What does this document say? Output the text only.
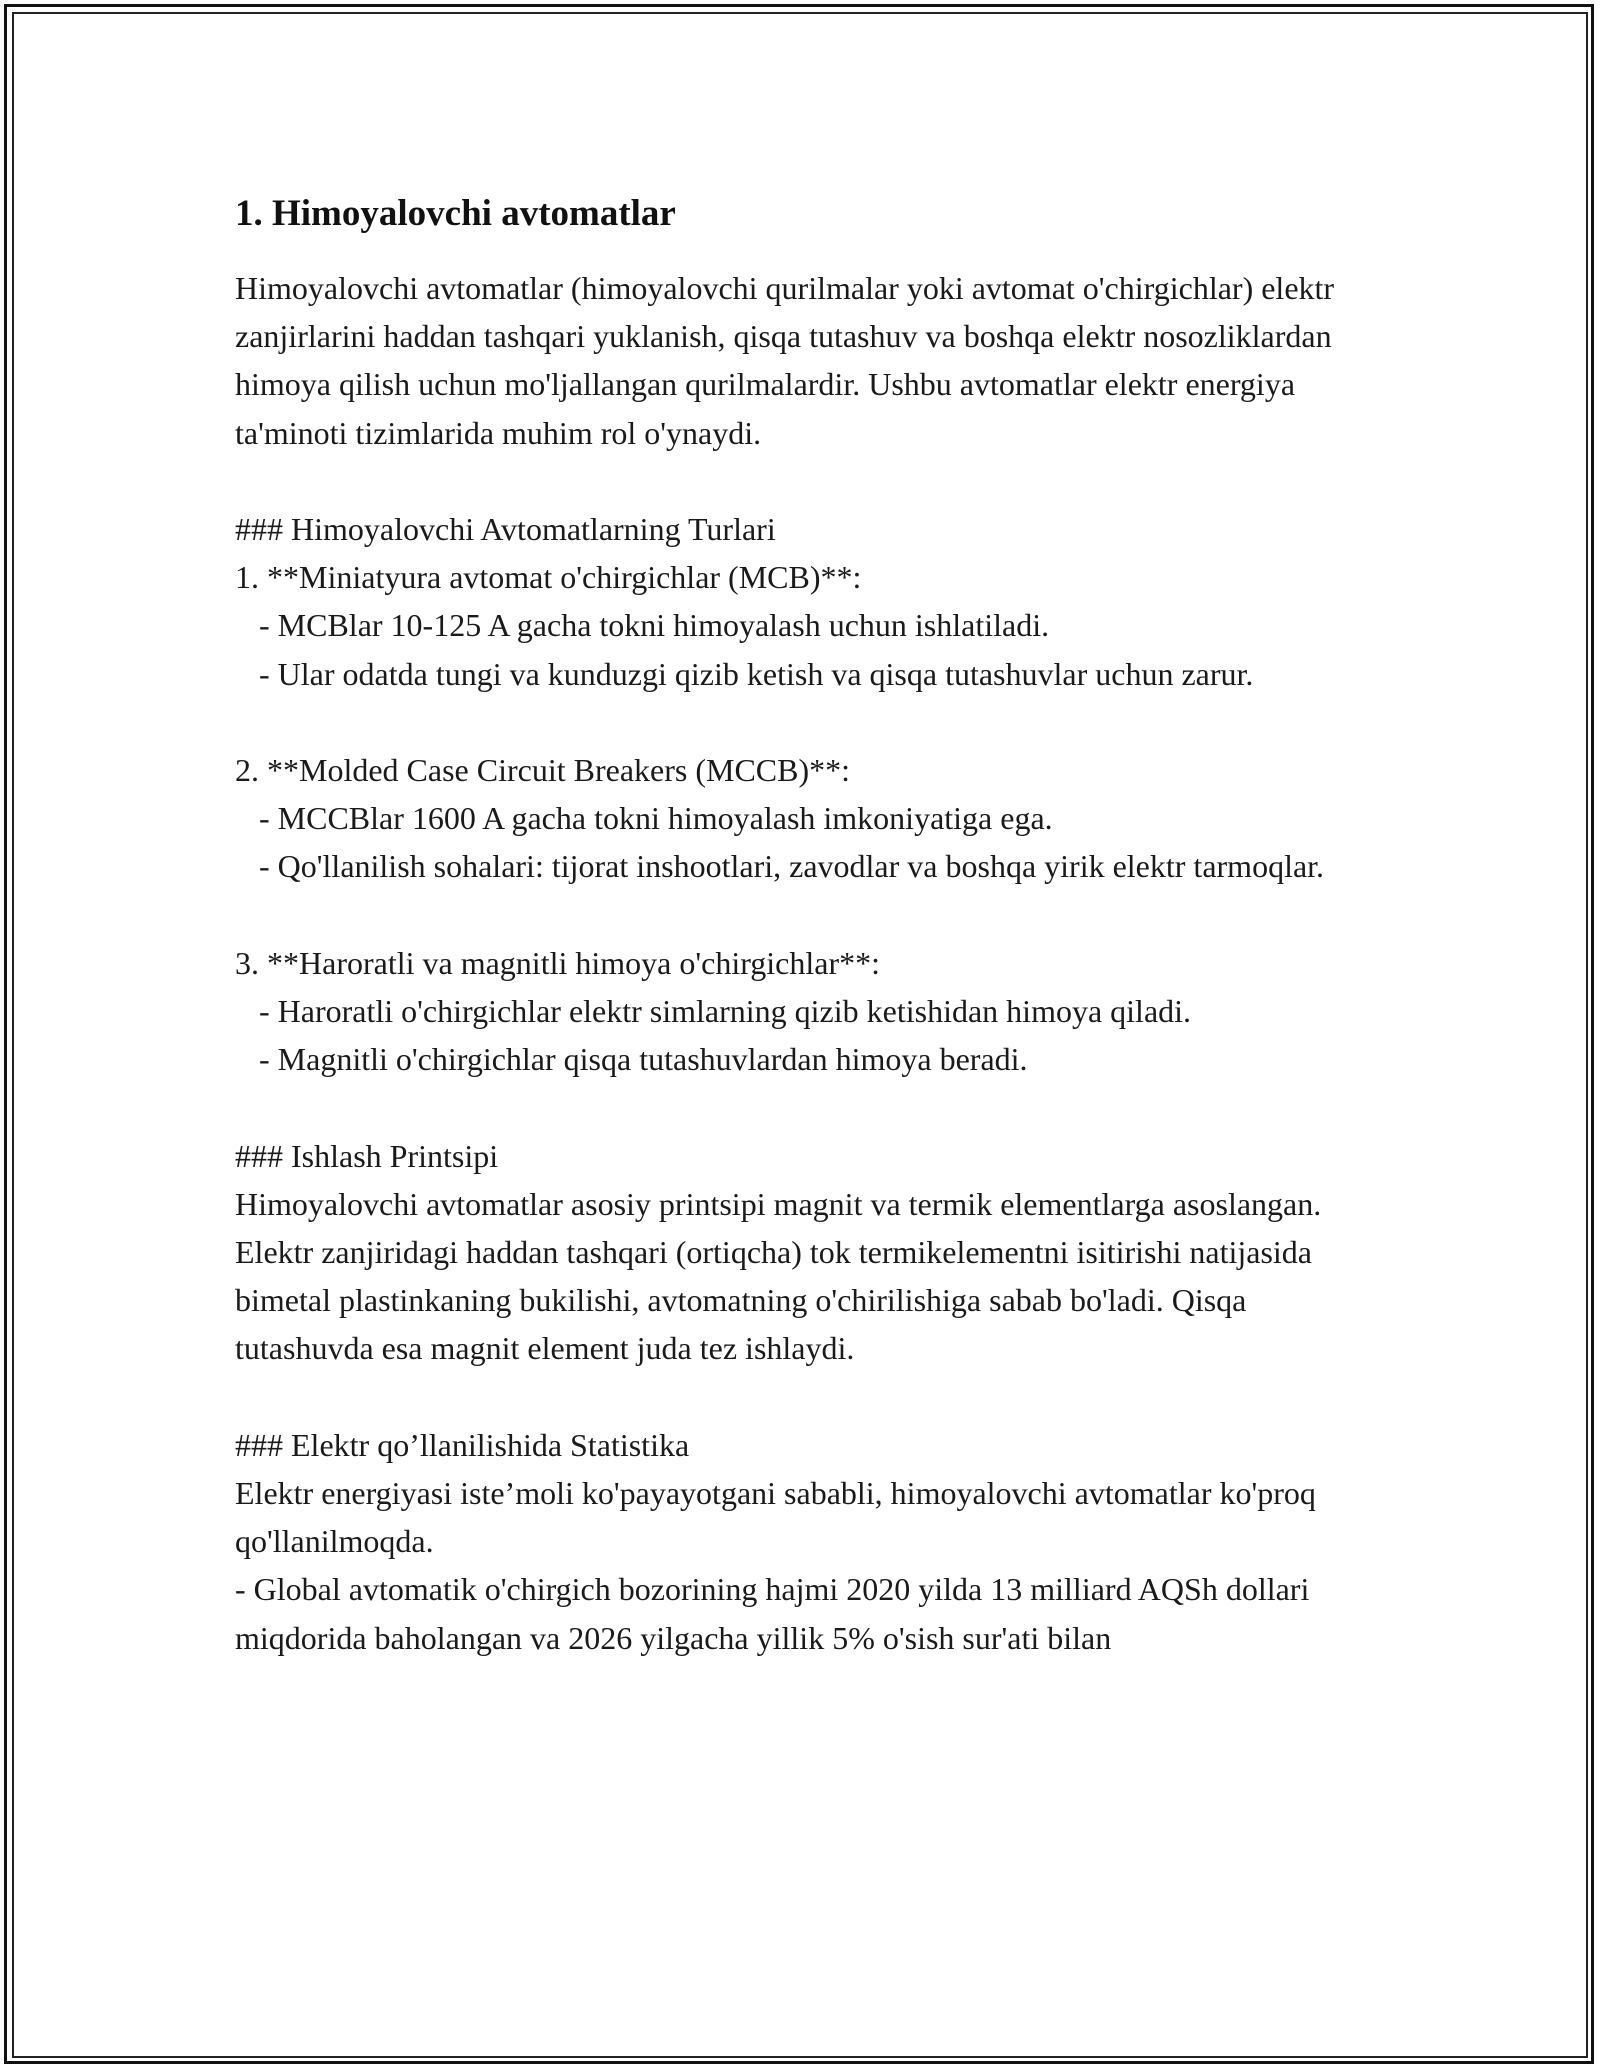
1. Himoyalovchi avtomatlar

Himoyalovchi avtomatlar (himoyalovchi qurilmalar yoki avtomat o'chirgichlar) elektr zanjirlarini haddan tashqari yuklanish, qisqa tutashuv va boshqa elektr nosozliklardan himoya qilish uchun mo'ljallangan qurilmalardir. Ushbu avtomatlar elektr energiya ta'minoti tizimlarida muhim rol o'ynaydi.

### Himoyalovchi Avtomatlarning Turlari

1. **Miniatyura avtomat o'chirgichlar (MCB)**:

- MCBlar 10-125 A gacha tokni himoyalash uchun ishlatiladi.

- Ular odatda tungi va kunduzgi qizib ketish va qisqa tutashuvlar uchun zarur.

2. **Molded Case Circuit Breakers (MCCB)**:

- MCCBlar 1600 A gacha tokni himoyalash imkoniyatiga ega.

- Qo'llanilish sohalari: tijorat inshootlari, zavodlar va boshqa yirik elektr tarmoqlar.

3. **Haroratli va magnitli himoya o'chirgichlar**:

- Haroratli o'chirgichlar elektr simlarning qizib ketishidan himoya qiladi.

- Magnitli o'chirgichlar qisqa tutashuvlardan himoya beradi.

### Ishlash Printsipi

Himoyalovchi avtomatlar asosiy printsipi magnit va termik elementlarga asoslangan. Elektr zanjiridagi haddan tashqari (ortiqcha) tok termikelementni isitirishi natijasida bimetal plastinkaning bukilishi, avtomatning o'chirilishiga sabab bo'ladi. Qisqa tutashuvda esa magnit element juda tez ishlaydi.

### Elektr qo’llanilishida Statistika

Elektr energiyasi iste’moli ko'payayotgani sababli, himoyalovchi avtomatlar ko'proq qo'llanilmoqda.

- Global avtomatik o'chirgich bozorining hajmi 2020 yilda 13 milliard AQSh dollari miqdorida baholangan va 2026 yilgacha yillik 5% o'sish sur'ati bilan
